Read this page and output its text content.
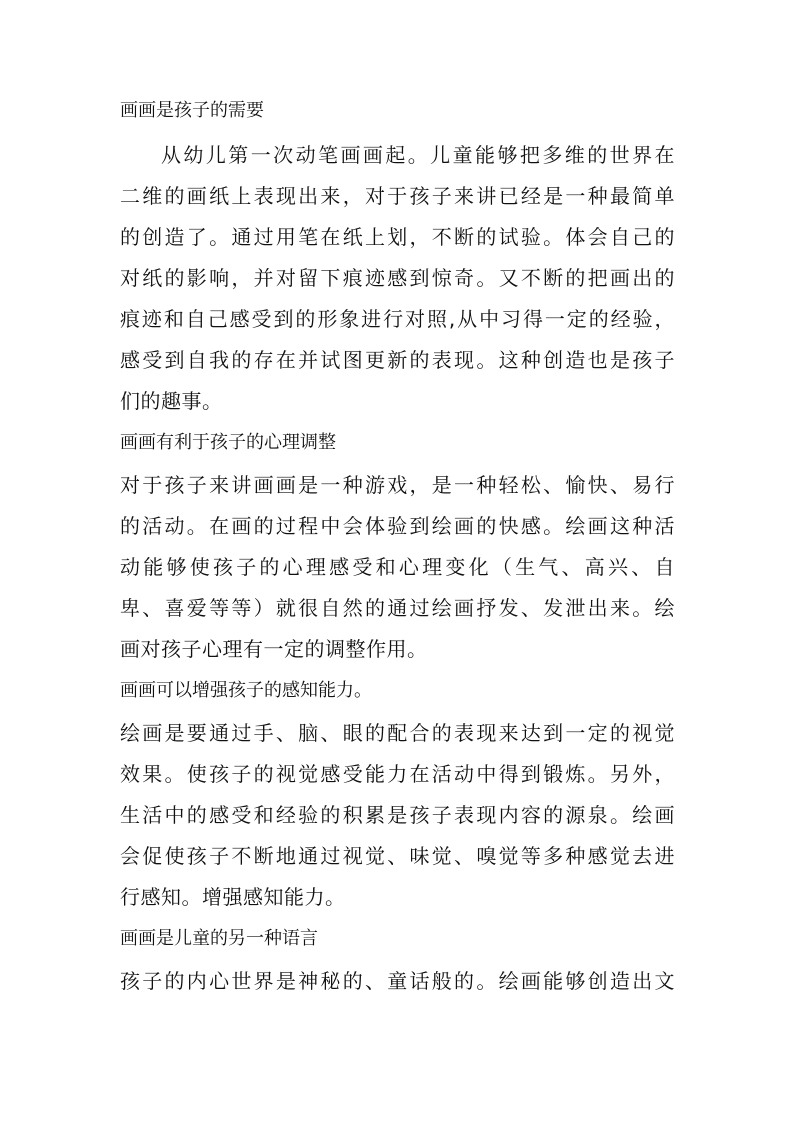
画画是孩子的需要
从幼儿第一次动笔画画起。儿童能够把多维的世界在
二维的画纸上表现出来，对于孩子来讲已经是一种最简单
的创造了。通过用笔在纸上划，不断的试验。体会自己的
对纸的影响，并对留下痕迹感到惊奇。又不断的把画出的
痕迹和自己感受到的形象进行对照,从中习得一定的经验，
感受到自我的存在并试图更新的表现。这种创造也是孩子
们的趣事。
画画有利于孩子的心理调整
对于孩子来讲画画是一种游戏，是一种轻松、愉快、易行
的活动。在画的过程中会体验到绘画的快感。绘画这种活
动能够使孩子的心理感受和心理变化（生气、高兴、自
卑、喜爱等等）就很自然的通过绘画抒发、发泄出来。绘
画对孩子心理有一定的调整作用。
画画可以增强孩子的感知能力。
绘画是要通过手、脑、眼的配合的表现来达到一定的视觉
效果。使孩子的视觉感受能力在活动中得到锻炼。另外，
生活中的感受和经验的积累是孩子表现内容的源泉。绘画
会促使孩子不断地通过视觉、味觉、嗅觉等多种感觉去进
行感知。增强感知能力。
画画是儿童的另一种语言
孩子的内心世界是神秘的、童话般的。绘画能够创造出文
